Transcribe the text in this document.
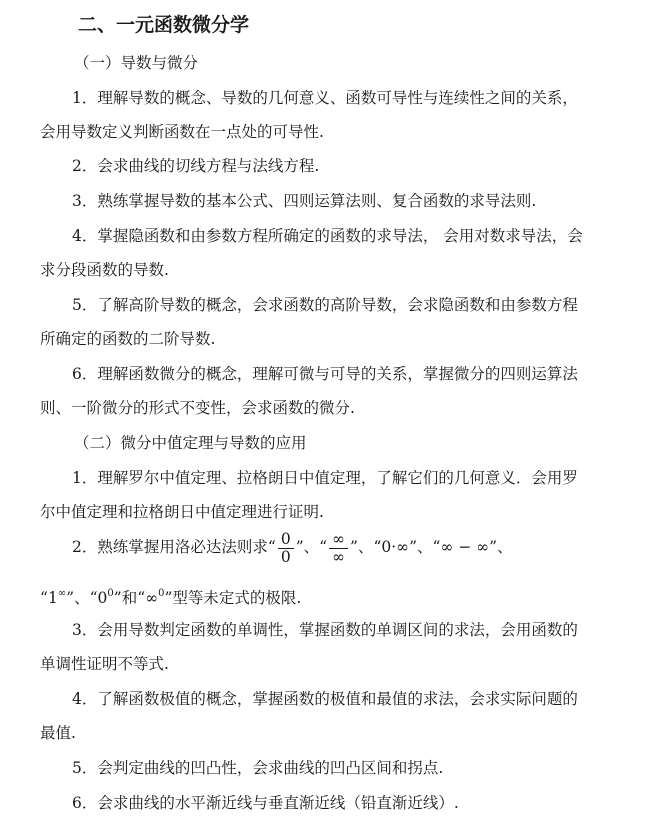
二、一元函数微分学
（一）导数与微分
1．理解导数的概念、导数的几何意义、函数可导性与连续性之间的关系，
会用导数定义判断函数在一点处的可导性.
2．会求曲线的切线方程与法线方程.
3．熟练掌握导数的基本公式、四则运算法则、复合函数的求导法则.
4．掌握隐函数和由参数方程所确定的函数的求导法， 会用对数求导法，会
求分段函数的导数.
5．了解高阶导数的概念，会求函数的高阶导数，会求隐函数和由参数方程
所确定的函数的二阶导数.
6．理解函数微分的概念，理解可微与可导的关系，掌握微分的四则运算法
则、一阶微分的形式不变性，会求函数的微分.
（二）微分中值定理与导数的应用
1．理解罗尔中值定理、拉格朗日中值定理，了解它们的几何意义．会用罗
尔中值定理和拉格朗日中值定理进行证明.
2．熟练掌握用洛必达法则求“ $\frac{0}{0}$ ”、“ $\frac{\infty}{\infty}$ ”、“0·∞”、“∞ − ∞”、
“1∞”、“$0^0$”和“∞$^0$”型等未定式的极限.
3．会用导数判定函数的单调性，掌握函数的单调区间的求法，会用函数的
单调性证明不等式.
4．了解函数极值的概念，掌握函数的极值和最值的求法，会求实际问题的
最值.
5．会判定曲线的凹凸性，会求曲线的凹凸区间和拐点.
6．会求曲线的水平渐近线与垂直渐近线（铅直渐近线）.
